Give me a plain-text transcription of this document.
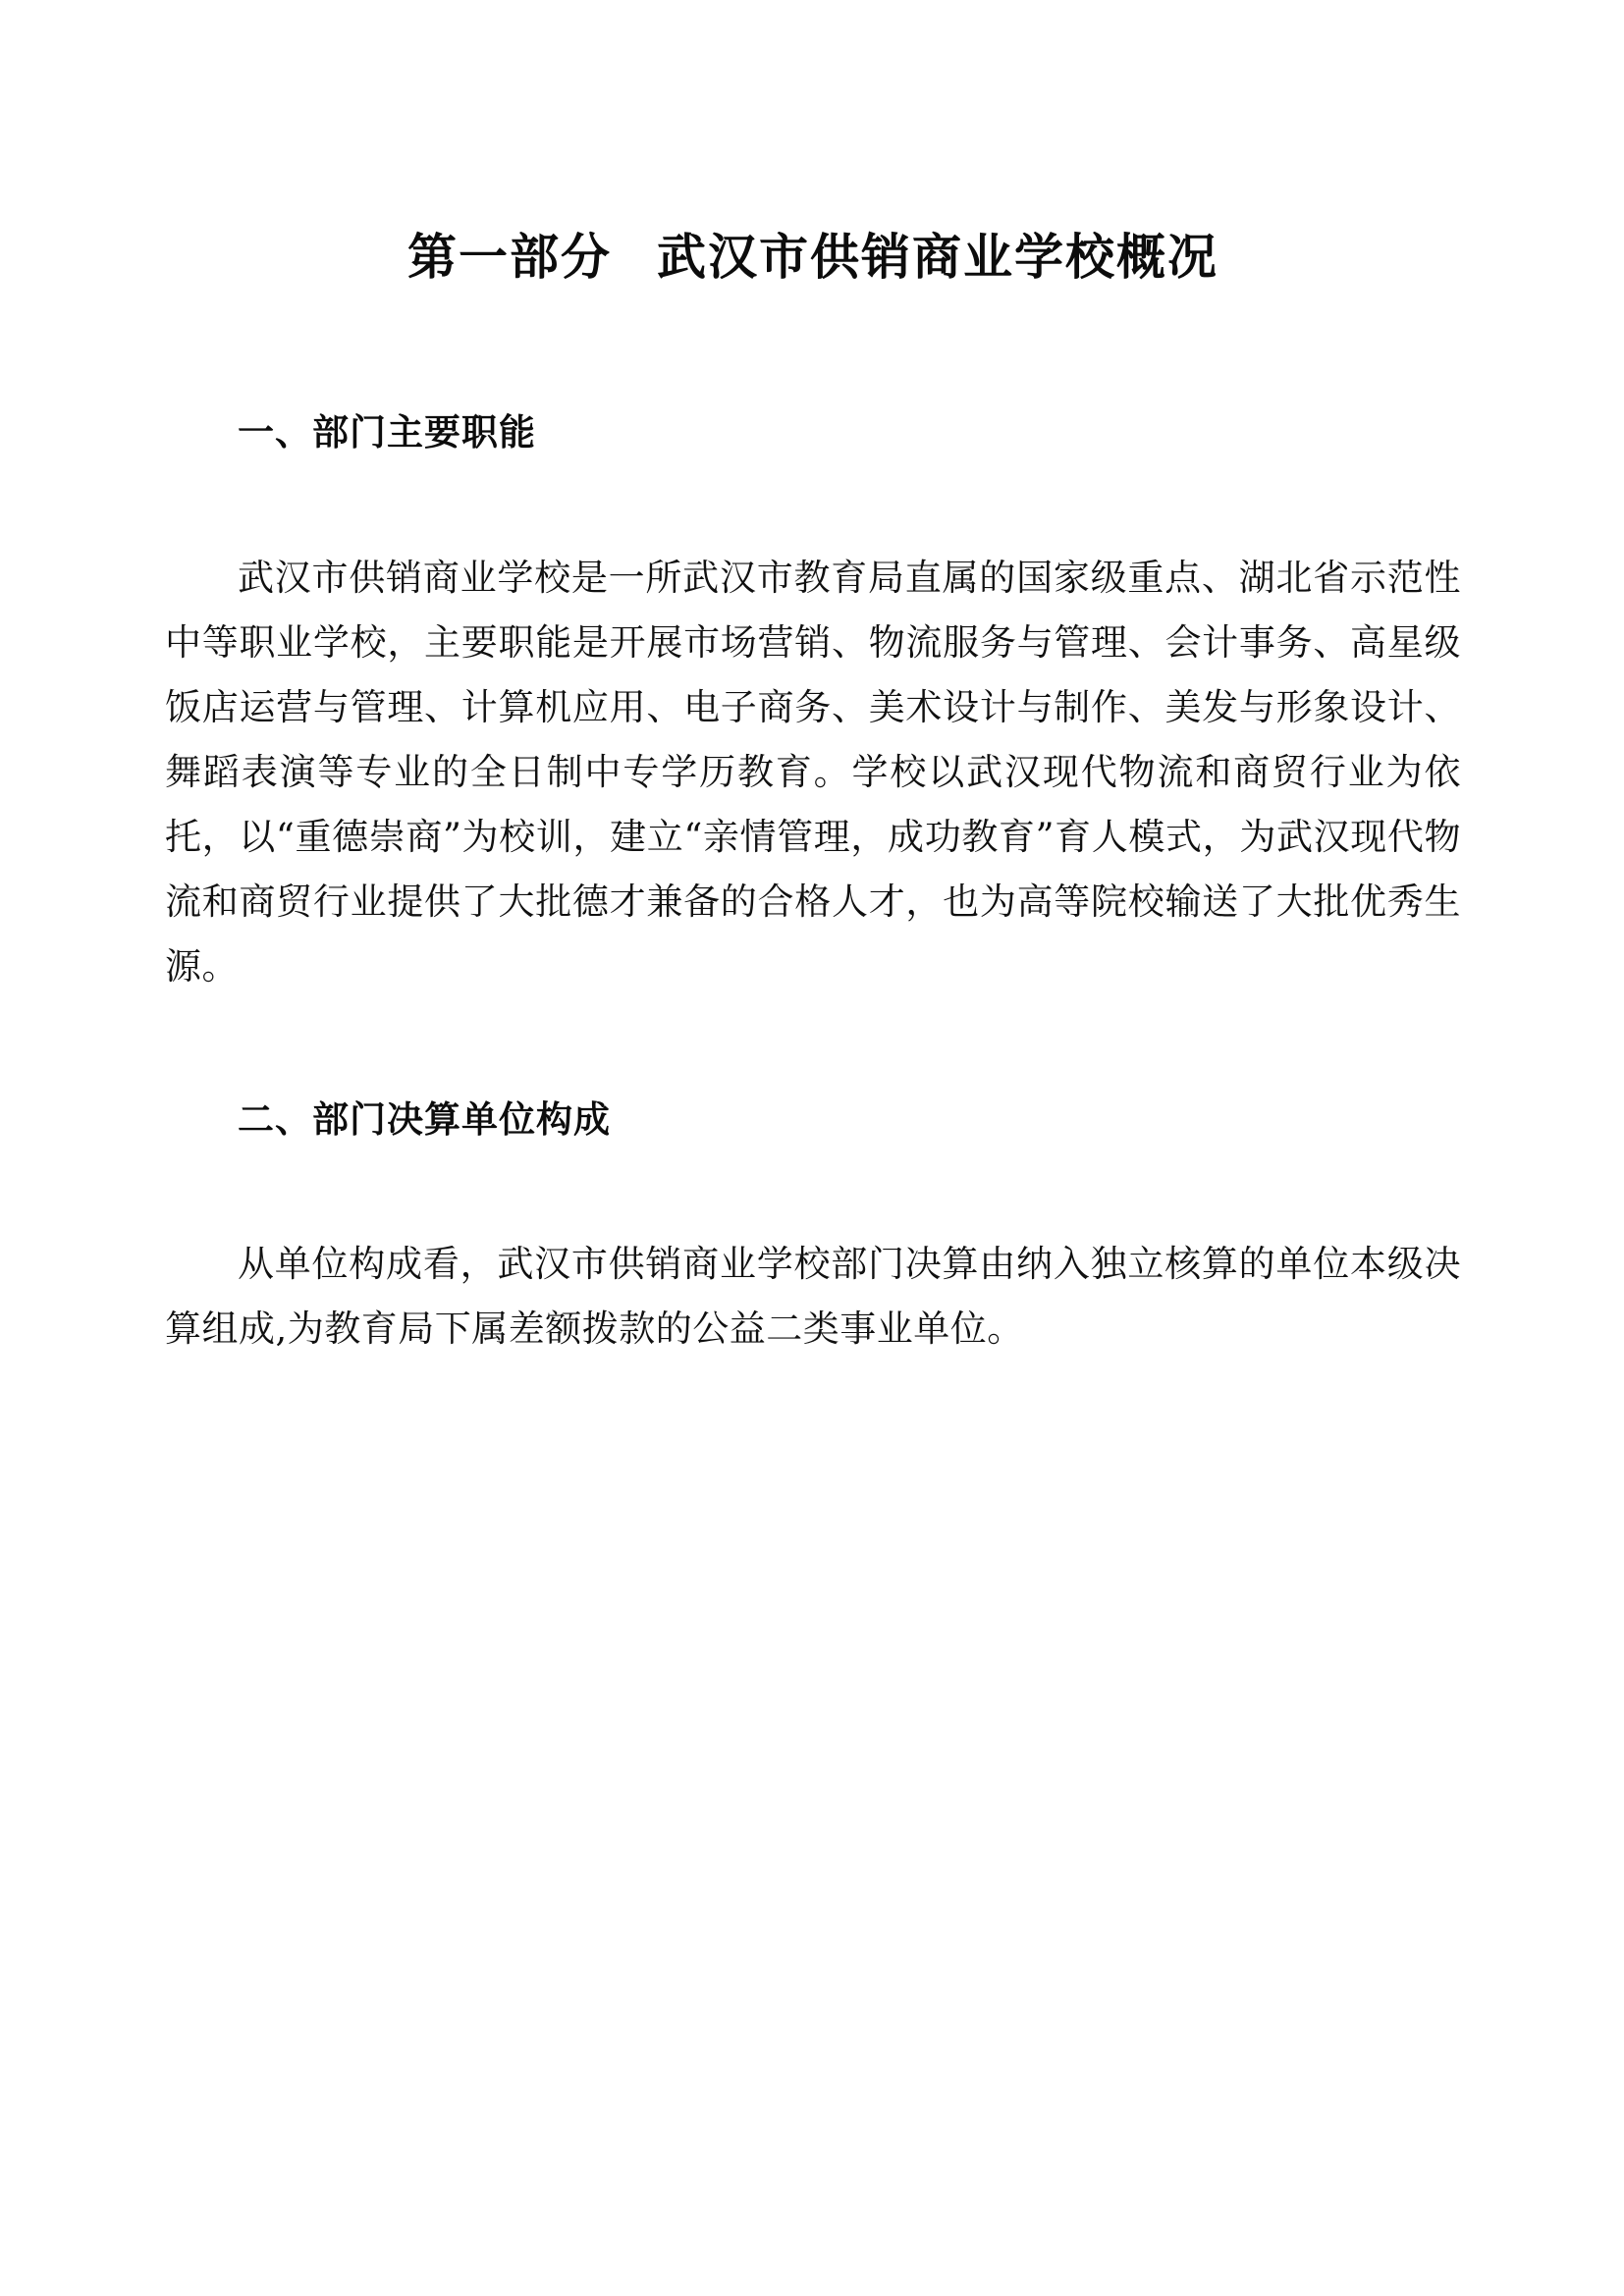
第一部分 武汉市供销商业学校概况
一、部门主要职能

武汉市供销商业学校是一所武汉市教育局直属的国家级重点、湖北省示范性中等职业学校，主要职能是开展市场营销、物流服务与管理、会计事务、高星级饭店运营与管理、计算机应用、电子商务、美术设计与制作、美发与形象设计、舞蹈表演等专业的全日制中专学历教育。学校以武汉现代物流和商贸行业为依托，以“重德崇商”为校训，建立“亲情管理，成功教育”育人模式，为武汉现代物流和商贸行业提供了大批德才兼备的合格人才，也为高等院校输送了大批优秀生源。

二、部门决算单位构成

从单位构成看，武汉市供销商业学校部门决算由纳入独立核算的单位本级决算组成,为教育局下属差额拨款的公益二类事业单位。
